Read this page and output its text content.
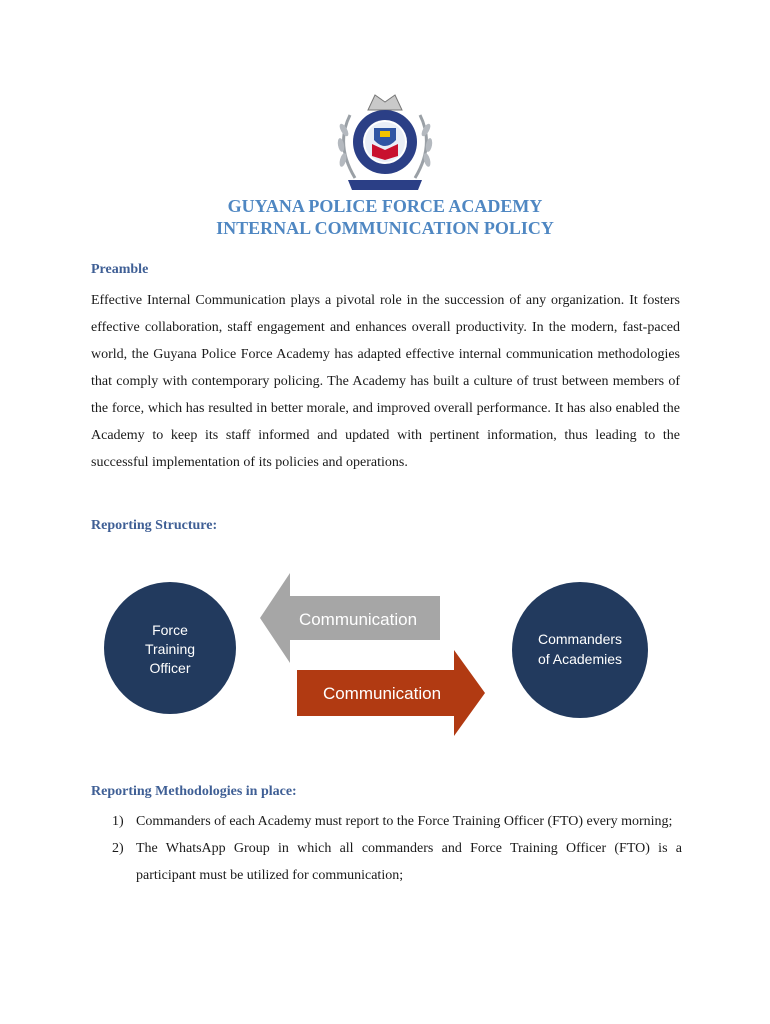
GUYANA POLICE FORCE ACADEMY
INTERNAL COMMUNICATION POLICY
Preamble
Effective Internal Communication plays a pivotal role in the succession of any organization. It fosters effective collaboration, staff engagement and enhances overall productivity. In the modern, fast-paced world, the Guyana Police Force Academy has adapted effective internal communication methodologies that comply with contemporary policing. The Academy has built a culture of trust between members of the force, which has resulted in better morale, and improved overall performance. It has also enabled the Academy to keep its staff informed and updated with pertinent information, thus leading to the successful implementation of its policies and operations.
Reporting Structure:
Force
Training
Officer
Commanders
of Academies
Communication
Communication
Reporting Methodologies in place:
1) Commanders of each Academy must report to the Force Training Officer (FTO) every morning;
2) The WhatsApp Group in which all commanders and Force Training Officer (FTO) is a participant must be utilized for communication;
